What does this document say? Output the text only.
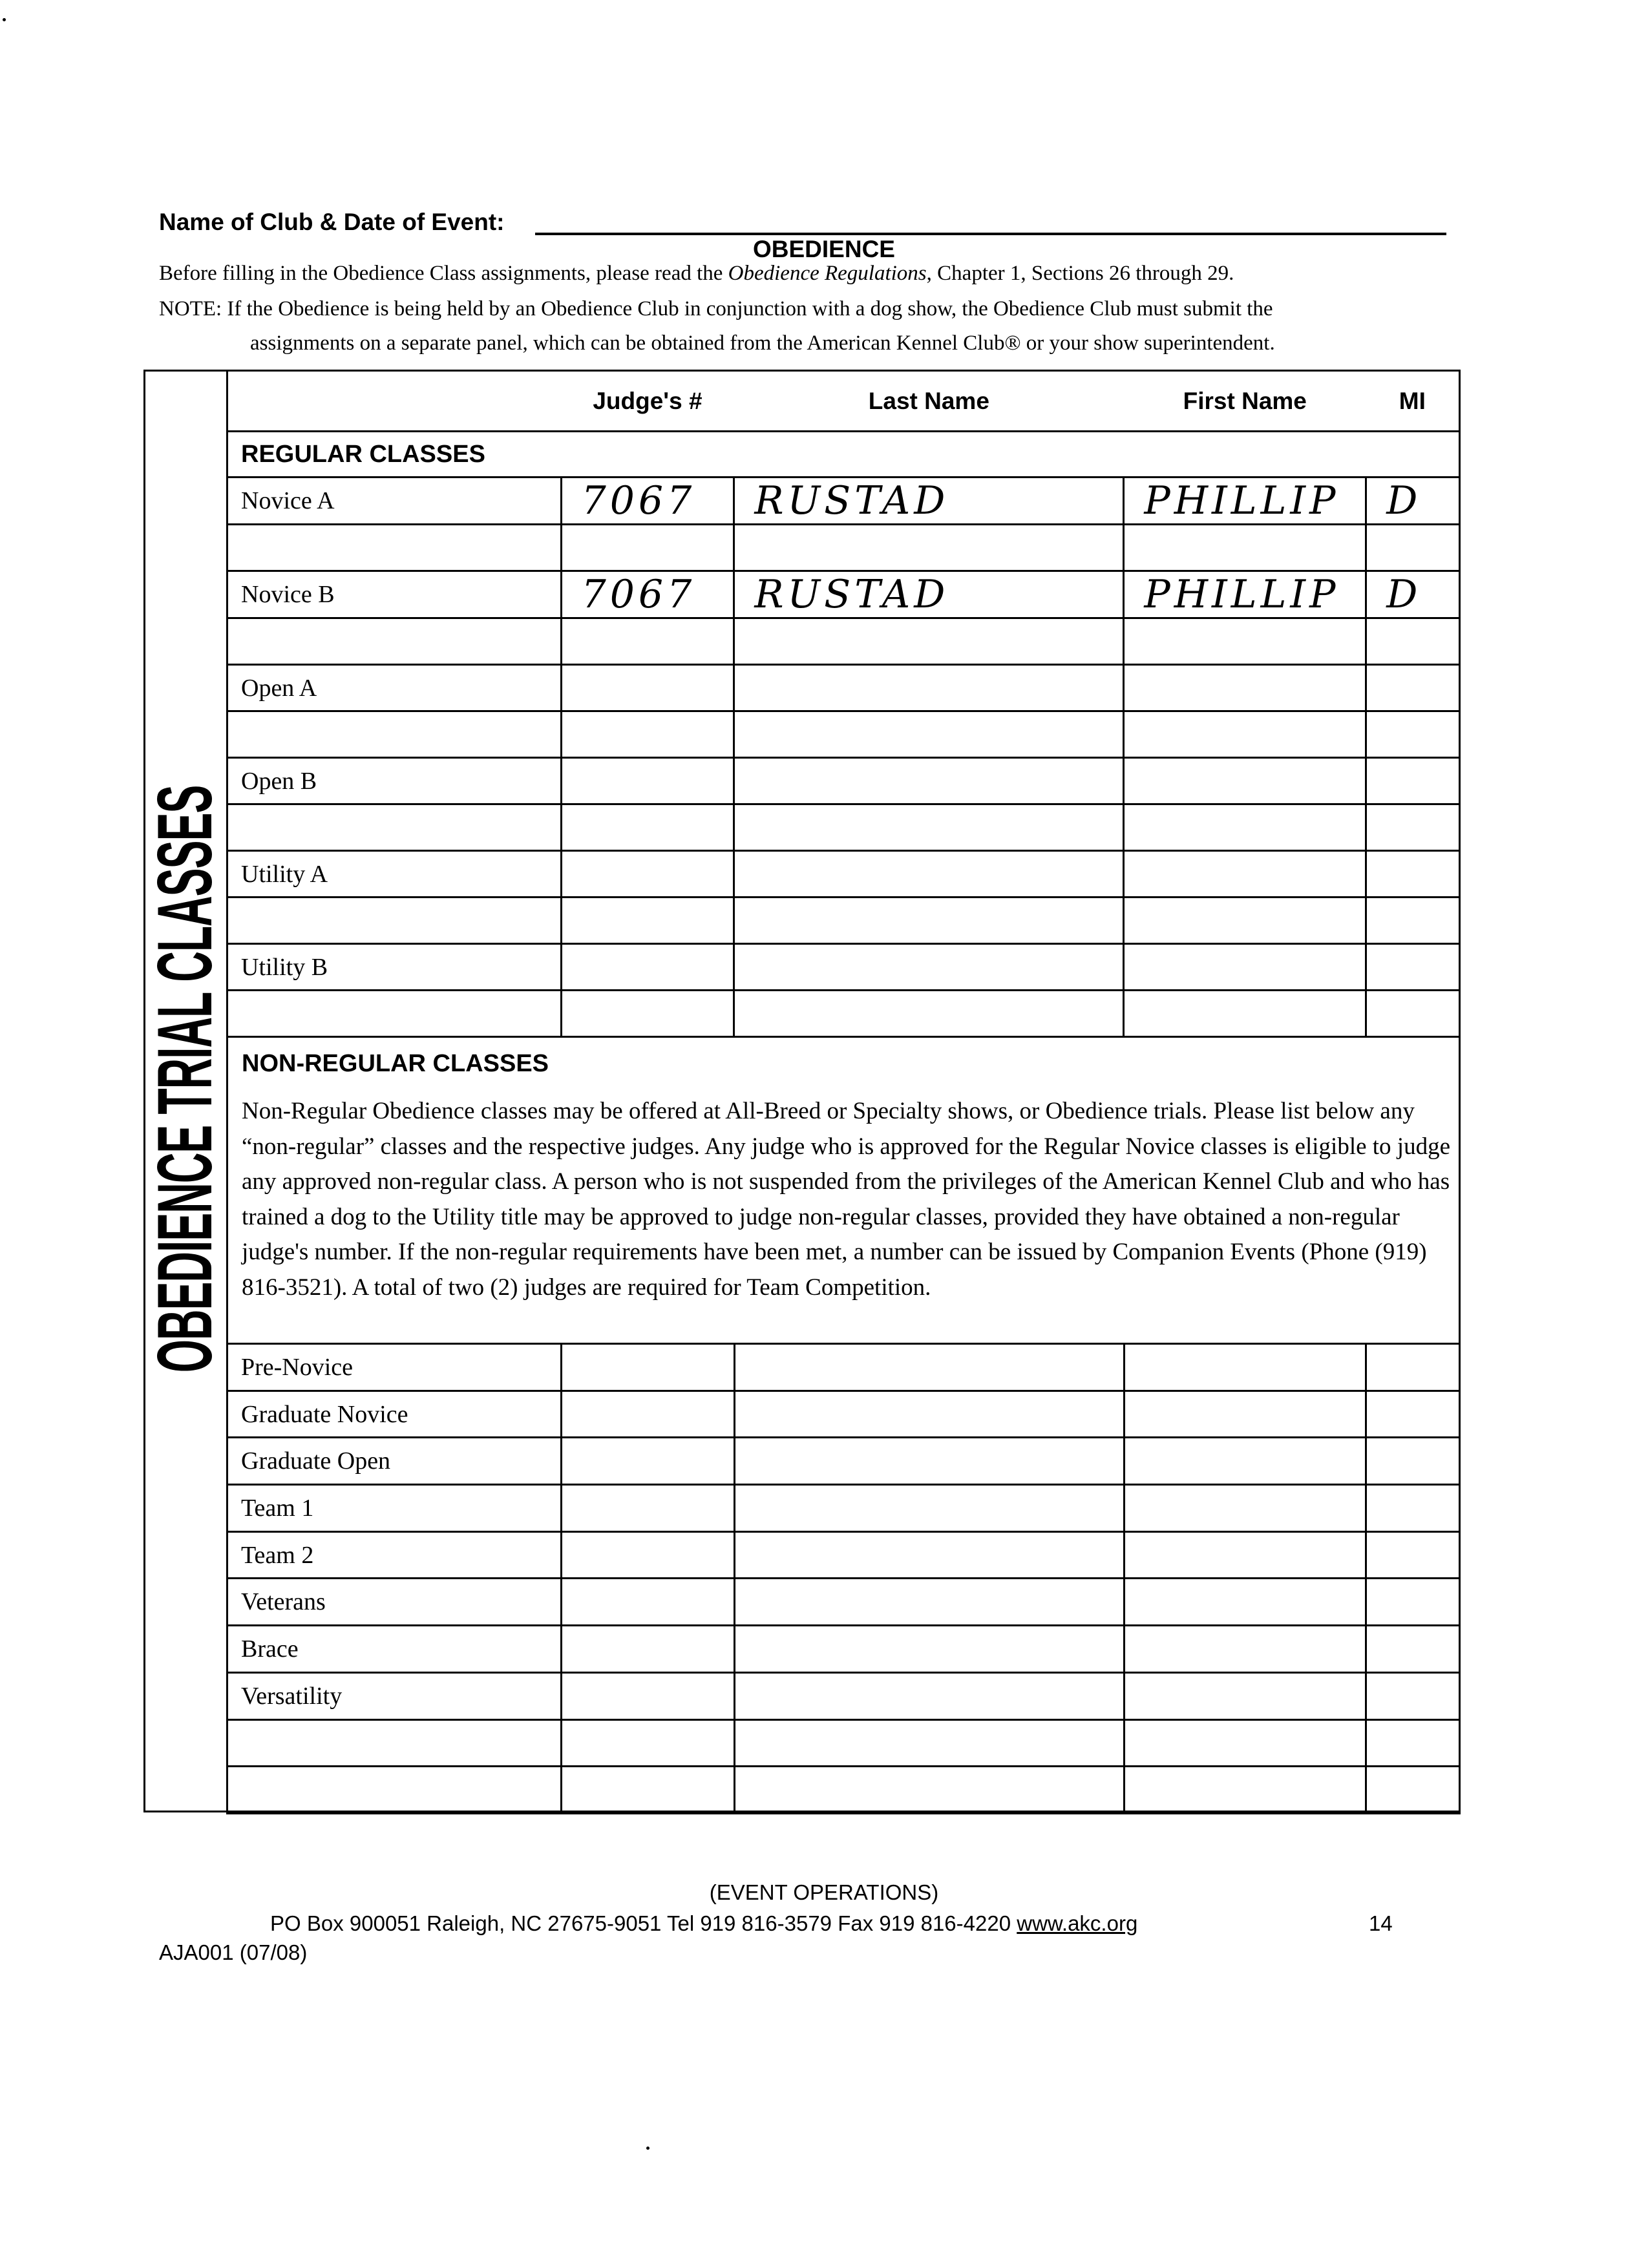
Name of Club & Date of Event:
OBEDIENCE
Before filling in the Obedience Class assignments, please read the Obedience Regulations, Chapter 1, Sections 26 through 29.
NOTE: If the Obedience is being held by an Obedience Club in conjunction with a dog show, the Obedience Club must submit the
assignments on a separate panel, which can be obtained from the American Kennel Club® or your show superintendent.
OBEDIENCE TRIAL CLASSES
	Judge's #	Last Name	First Name	MI
REGULAR CLASSES				
Novice A	7067	RUSTAD	PHILLIP	D

Novice B	7067	RUSTAD	PHILLIP	D

Open A				

Open B				

Utility A				

Utility B				

NON-REGULAR CLASSES
Non-Regular Obedience classes may be offered at All-Breed or Specialty shows, or Obedience trials. Please list below any “non-regular” classes and the respective judges. Any judge who is approved for the Regular Novice classes is eligible to judge any approved non-regular class. A person who is not suspended from the privileges of the American Kennel Club and who has trained a dog to the Utility title may be approved to judge non-regular classes, provided they have obtained a non-regular judge's number. If the non-regular requirements have been met, a number can be issued by Companion Events (Phone (919) 816-3521). A total of two (2) judges are required for Team Competition.
Pre-Novice				
Graduate Novice				
Graduate Open				
Team 1				
Team 2				
Veterans				
Brace				
Versatility				

(EVENT OPERATIONS)
PO Box 900051 Raleigh, NC 27675-9051 Tel 919 816-3579 Fax 919 816-4220 www.akc.org	14
AJA001 (07/08)
